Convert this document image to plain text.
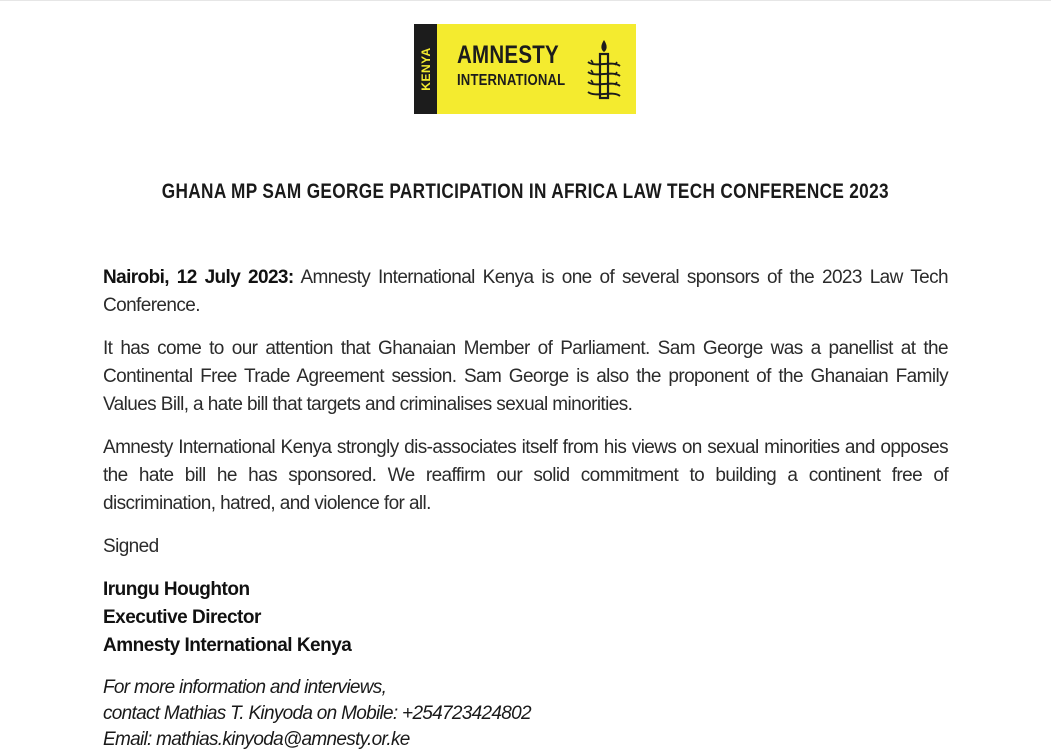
KENYA AMNESTY
INTERNATIONAL
GHANA MP SAM GEORGE PARTICIPATION IN AFRICA LAW TECH CONFERENCE 2023

Nairobi, 12 July 2023: Amnesty International Kenya is one of several sponsors of the 2023 Law Tech Conference.

It has come to our attention that Ghanaian Member of Parliament. Sam George was a panellist at the Continental Free Trade Agreement session. Sam George is also the proponent of the Ghanaian Family Values Bill, a hate bill that targets and criminalises sexual minorities.

Amnesty International Kenya strongly dis-associates itself from his views on sexual minorities and opposes the hate bill he has sponsored. We reaffirm our solid commitment to building a continent free of discrimination, hatred, and violence for all.

Signed

Irungu Houghton
Executive Director
Amnesty International Kenya
For more information and interviews,
contact Mathias T. Kinyoda on Mobile: +254723424802
Email: mathias.kinyoda@amnesty.or.ke
